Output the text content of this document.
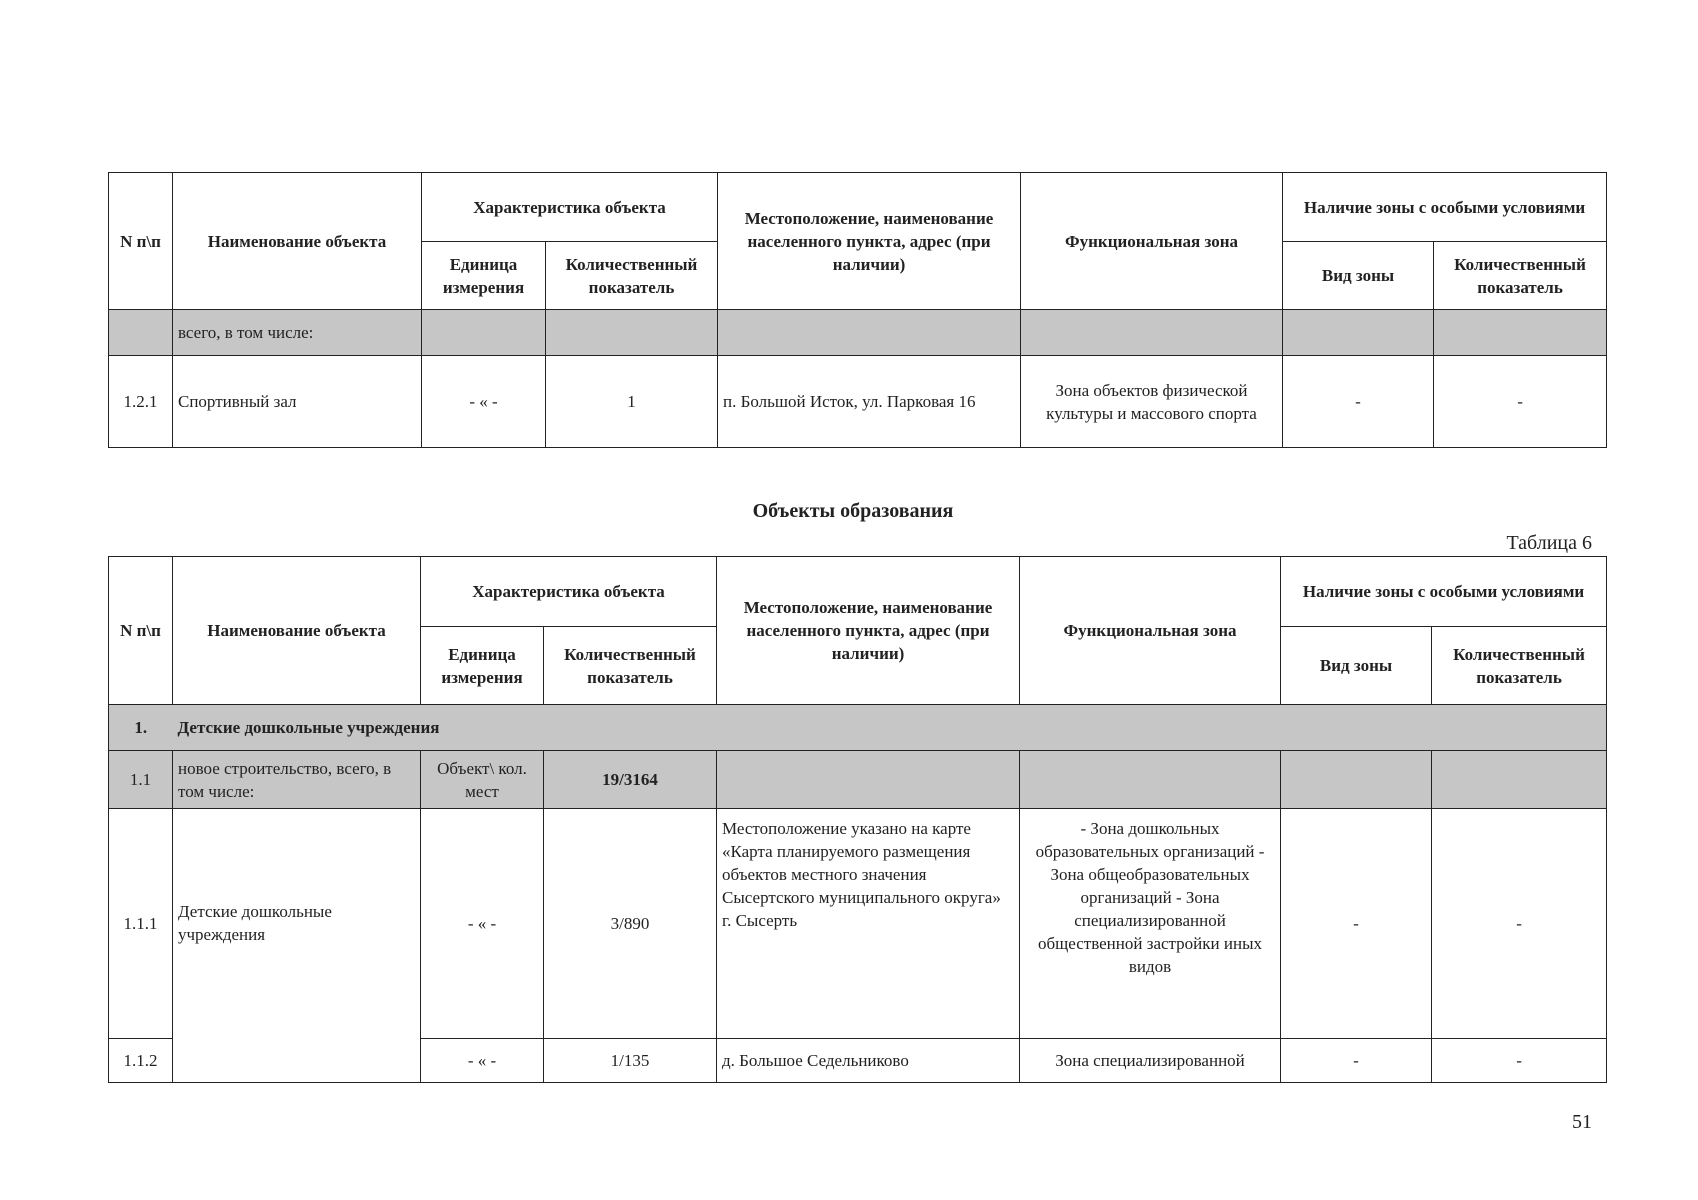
N п\п	Наименование объекта	Характеристика объекта		Местоположение, наименование населенного пункта, адрес (при наличии)	Функциональная зона	Наличие зоны с особыми условиями	
		Единица измерения	Количественный показатель			Вид зоны	Количественный показатель
	всего, в том числе:						
1.2.1	Спортивный зал	- « -	1	п. Большой Исток, ул. Парковая 16	Зона объектов физической культуры и массового спорта	-	-
Объекты образования
Таблица 6
N п\п	Наименование объекта	Характеристика объекта		Местоположение, наименование населенного пункта, адрес (при наличии)	Функциональная зона	Наличие зоны с особыми условиями	
		Единица измерения	Количественный показатель			Вид зоны	Количественный показатель
1.	Детские дошкольные учреждения						
1.1	новое строительство, всего, в том числе:	Объект\ кол. мест	19/3164				
1.1.1	Детские дошкольные учреждения	- « -	3/890	Местоположение указано на карте «Карта планируемого размещения объектов местного значения Сысертского муниципального округа» г. Сысерть	- Зона дошкольных образовательных организаций - Зона общеобразовательных организаций - Зона специализированной общественной застройки иных видов	-	-
1.1.2		- « -	1/135	д. Большое Седельниково	Зона специализированной	-	-
51
